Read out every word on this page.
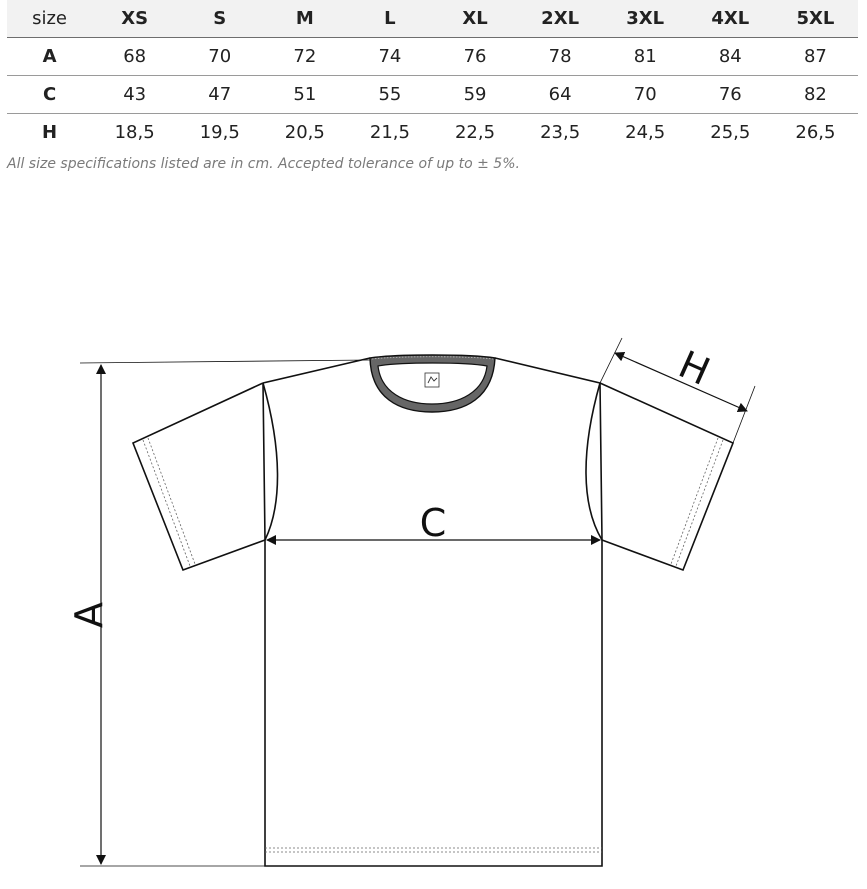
size	XS	S	M	L	XL	2XL	3XL	4XL	5XL
A	68	70	72	74	76	78	81	84	87
C	43	47	51	55	59	64	70	76	82
H	18,5	19,5	20,5	21,5	22,5	23,5	24,5	25,5	26,5
All size specifications listed are in cm. Accepted tolerance of up to ± 5%.
A
C
H
